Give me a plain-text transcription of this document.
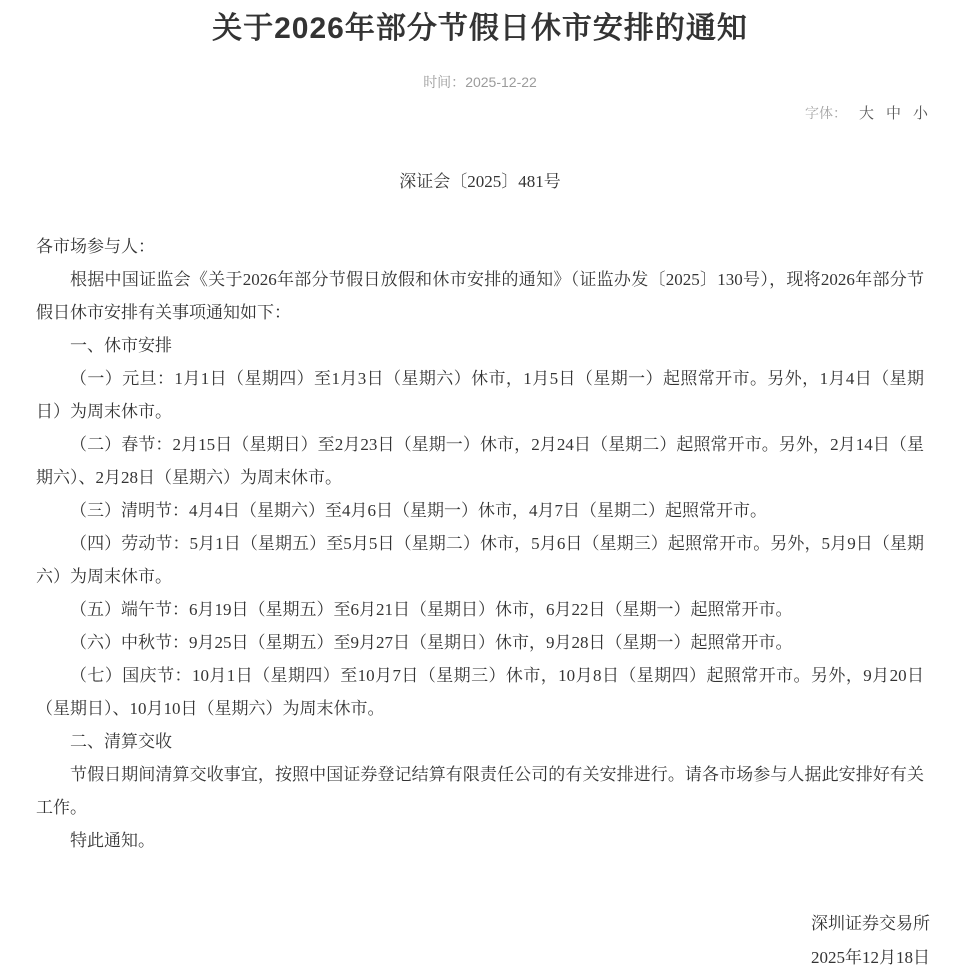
关于2026年部分节假日休市安排的通知
时间：2025-12-22
字体： 大 中 小
深证会〔2025〕481号

各市场参与人：

根据中国证监会《关于2026年部分节假日放假和休市安排的通知》（证监办发〔2025〕130号），现将2026年部分节假日休市安排有关事项通知如下：

一、休市安排

（一）元旦：1月1日（星期四）至1月3日（星期六）休市，1月5日（星期一）起照常开市。另外，1月4日（星期日）为周末休市。

（二）春节：2月15日（星期日）至2月23日（星期一）休市，2月24日（星期二）起照常开市。另外，2月14日（星期六）、2月28日（星期六）为周末休市。

（三）清明节：4月4日（星期六）至4月6日（星期一）休市，4月7日（星期二）起照常开市。

（四）劳动节：5月1日（星期五）至5月5日（星期二）休市，5月6日（星期三）起照常开市。另外，5月9日（星期六）为周末休市。

（五）端午节：6月19日（星期五）至6月21日（星期日）休市，6月22日（星期一）起照常开市。

（六）中秋节：9月25日（星期五）至9月27日（星期日）休市，9月28日（星期一）起照常开市。

（七）国庆节：10月1日（星期四）至10月7日（星期三）休市，10月8日（星期四）起照常开市。另外，9月20日（星期日）、10月10日（星期六）为周末休市。

二、清算交收

节假日期间清算交收事宜，按照中国证券登记结算有限责任公司的有关安排进行。请各市场参与人据此安排好有关工作。

特此通知。

深圳证券交易所
2025年12月18日
